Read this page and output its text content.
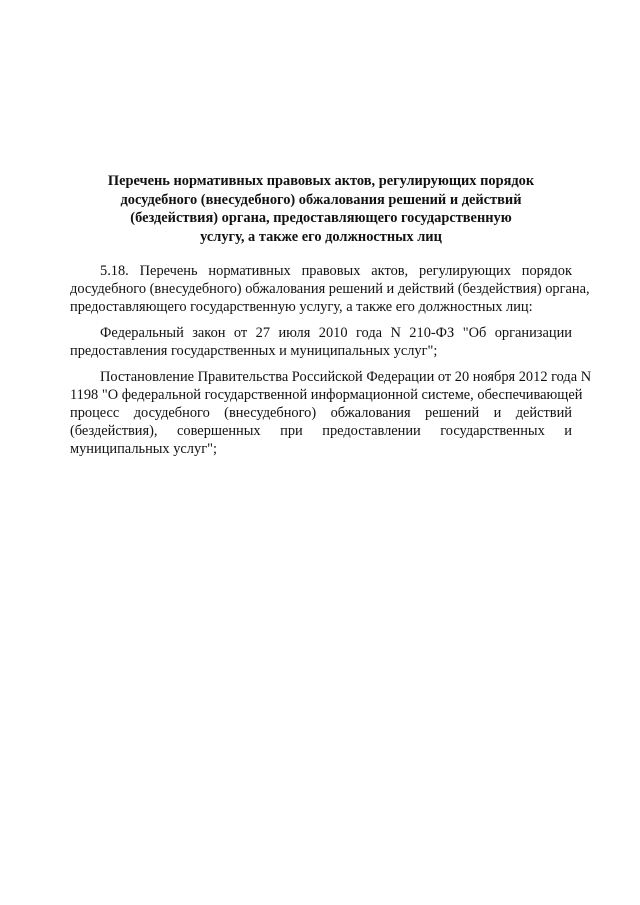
Перечень нормативных правовых актов, регулирующих порядок
досудебного (внесудебного) обжалования решений и действий
(бездействия) органа, предоставляющего государственную
услугу, а также его должностных лиц
5.18. Перечень нормативных правовых актов, регулирующих порядок
досудебного (внесудебного) обжалования решений и действий (бездействия) органа,
предоставляющего государственную услугу, а также его должностных лиц:
Федеральный закон от 27 июля 2010 года N 210-ФЗ "Об организации
предоставления государственных и муниципальных услуг";
Постановление Правительства Российской Федерации от 20 ноября 2012 года N
1198 "О федеральной государственной информационной системе, обеспечивающей
процесс досудебного (внесудебного) обжалования решений и действий
(бездействия), совершенных при предоставлении государственных и
муниципальных услуг";
